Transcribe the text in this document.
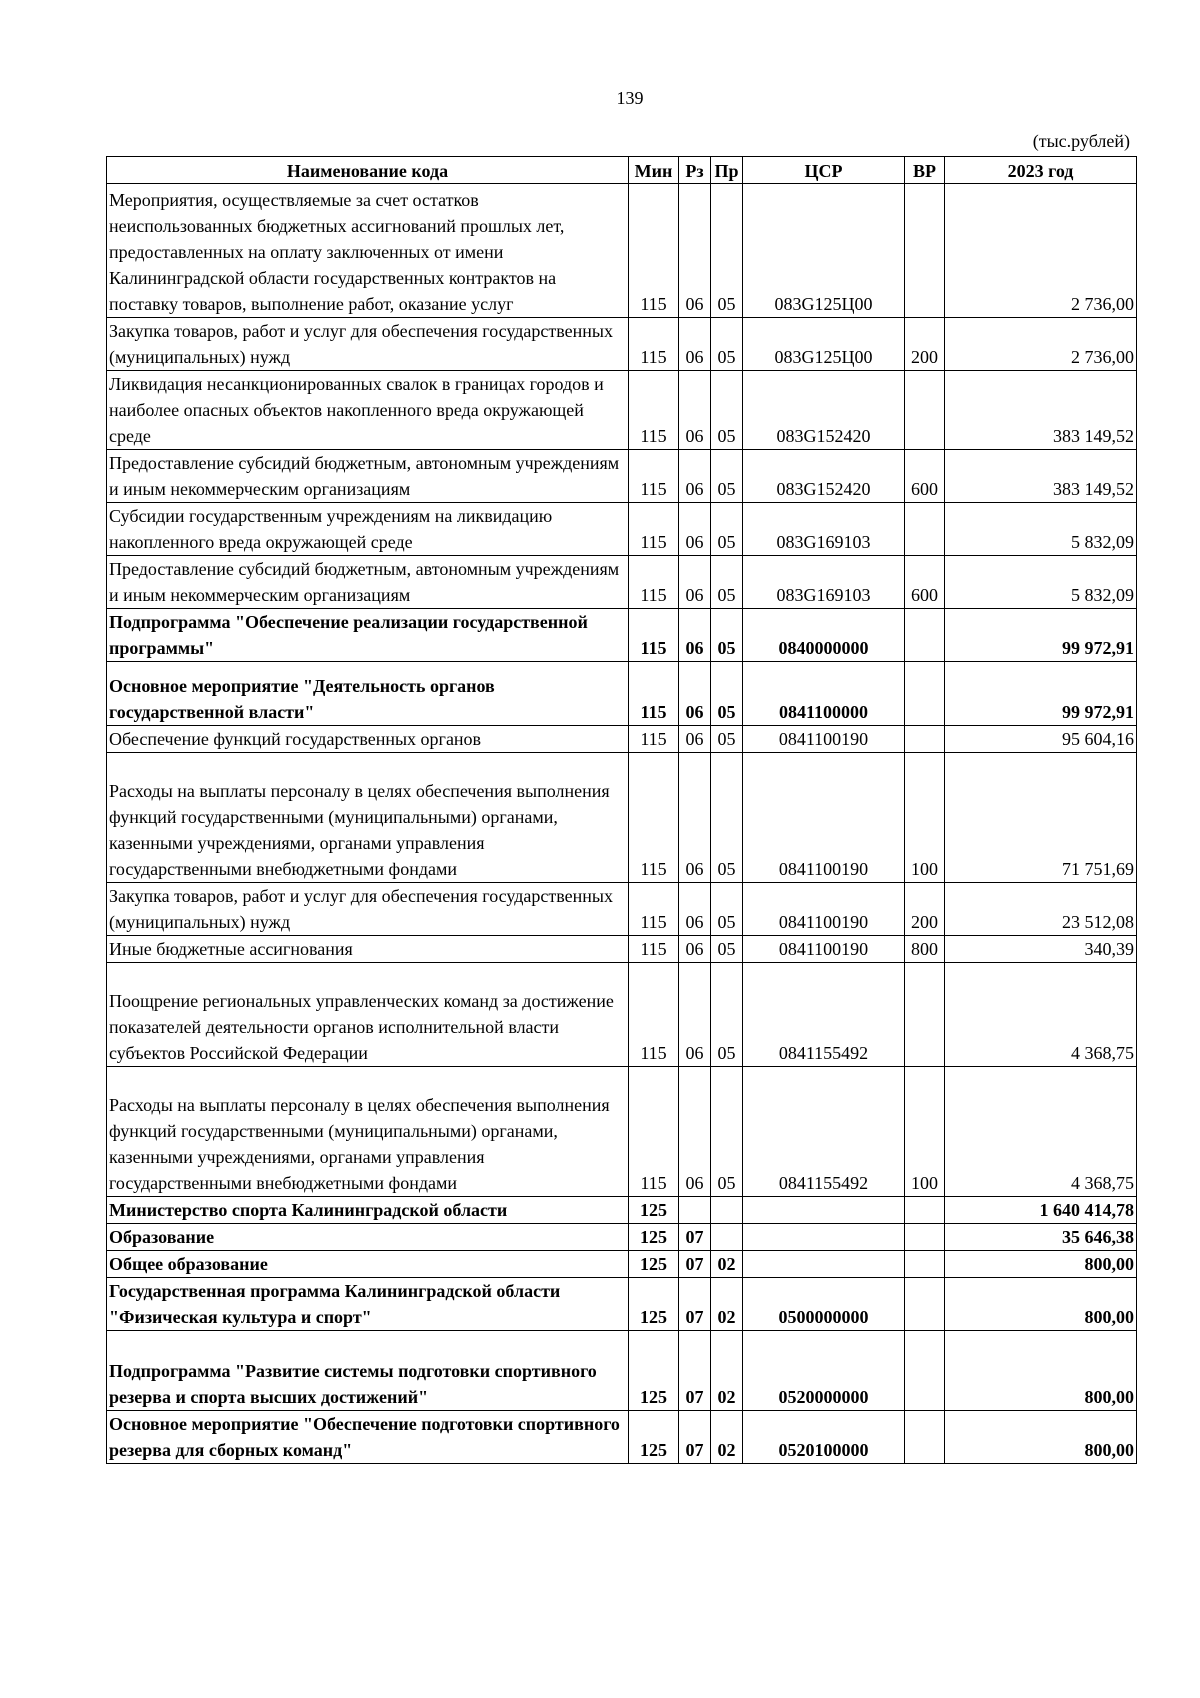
139
(тыс.рублей)
Наименование кода	Мин	Рз	Пр	ЦСР	ВР	2023 год
Мероприятия, осуществляемые за счет остатков неиспользованных бюджетных ассигнований прошлых лет, предоставленных на оплату заключенных от имени Калининградской области государственных контрактов на поставку товаров, выполнение работ, оказание услуг	115	06	05	083G125Ц00		2 736,00
Закупка товаров, работ и услуг для обеспечения государственных (муниципальных) нужд	115	06	05	083G125Ц00	200	2 736,00
Ликвидация несанкционированных свалок в границах городов и наиболее опасных объектов накопленного вреда окружающей среде	115	06	05	083G152420		383 149,52
Предоставление субсидий бюджетным, автономным учреждениям и иным некоммерческим организациям	115	06	05	083G152420	600	383 149,52
Субсидии государственным учреждениям на ликвидацию накопленного вреда окружающей среде	115	06	05	083G169103		5 832,09
Предоставление субсидий бюджетным, автономным учреждениям и иным некоммерческим организациям	115	06	05	083G169103	600	5 832,09
Подпрограмма "Обеспечение реализации государственной программы"	115	06	05	0840000000		99 972,91
Основное мероприятие "Деятельность органов государственной власти"	115	06	05	0841100000		99 972,91
Обеспечение функций государственных органов	115	06	05	0841100190		95 604,16
Расходы на выплаты персоналу в целях обеспечения выполнения функций государственными (муниципальными) органами, казенными учреждениями, органами управления государственными внебюджетными фондами	115	06	05	0841100190	100	71 751,69
Закупка товаров, работ и услуг для обеспечения государственных (муниципальных) нужд	115	06	05	0841100190	200	23 512,08
Иные бюджетные ассигнования	115	06	05	0841100190	800	340,39
Поощрение региональных управленческих команд за достижение показателей деятельности органов исполнительной власти субъектов Российской Федерации	115	06	05	0841155492		4 368,75
Расходы на выплаты персоналу в целях обеспечения выполнения функций государственными (муниципальными) органами, казенными учреждениями, органами управления государственными внебюджетными фондами	115	06	05	0841155492	100	4 368,75
Министерство спорта Калининградской области	125					1 640 414,78
Образование	125	07				35 646,38
Общее образование	125	07	02			800,00
Государственная программа Калининградской области "Физическая культура и спорт"	125	07	02	0500000000		800,00
Подпрограмма "Развитие системы подготовки спортивного резерва и спорта высших достижений"	125	07	02	0520000000		800,00
Основное мероприятие "Обеспечение подготовки спортивного резерва для сборных команд"	125	07	02	0520100000		800,00
